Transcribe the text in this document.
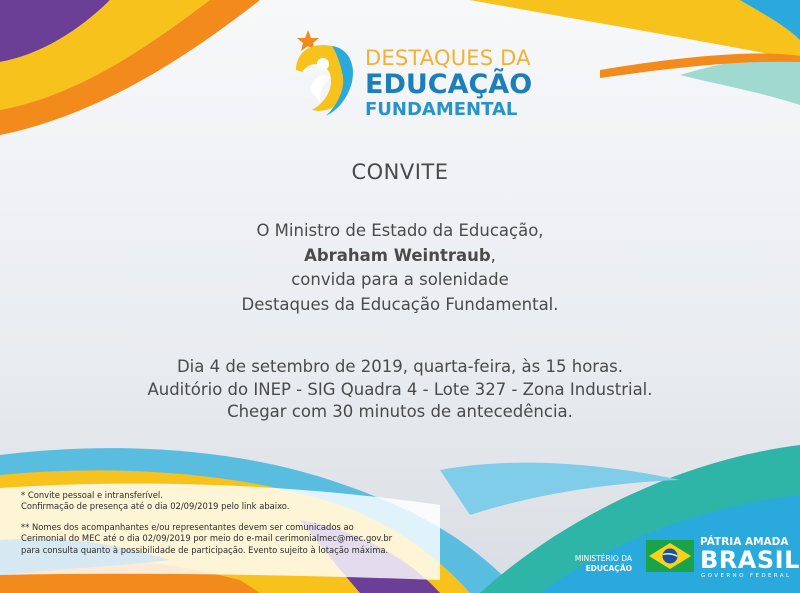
DESTAQUES DA
EDUCAÇÃO
FUNDAMENTAL
CONVITE
O Ministro de Estado da Educação,
Abraham Weintraub,
convida para a solenidade
Destaques da Educação Fundamental.
Dia 4 de setembro de 2019, quarta-feira, às 15 horas.
Auditório do INEP - SIG Quadra 4 - Lote 327 - Zona Industrial.
Chegar com 30 minutos de antecedência.

* Convite pessoal e intransferível.
Confirmação de presença até o dia 02/09/2019 pelo link abaixo.

** Nomes dos acompanhantes e/ou representantes devem ser comunicados ao
Cerimonial do MEC até o dia 02/09/2019 por meio do e-mail cerimonialmec@mec.gov.br
para consulta quanto à possibilidade de participação. Evento sujeito à lotação máxima.

MINISTÉRIO DA
EDUCAÇÃO
PÁTRIA AMADA
BRASIL
GOVERNO FEDERAL
